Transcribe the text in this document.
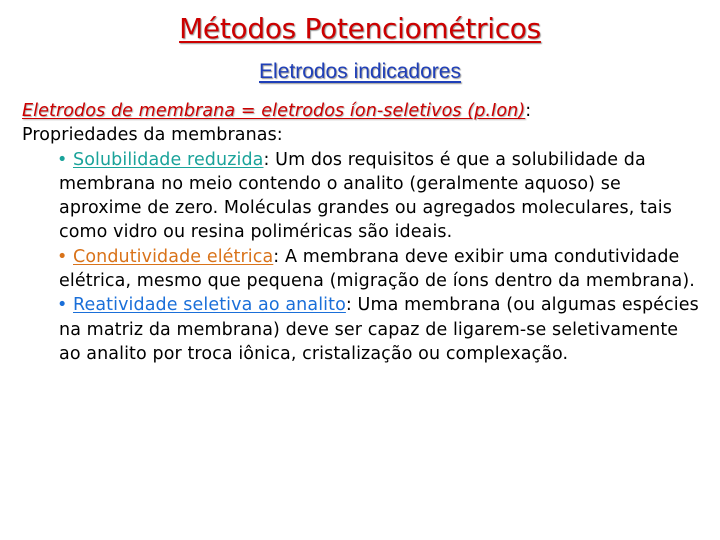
Métodos Potenciométricos
Eletrodos indicadores
Eletrodos de membrana = eletrodos íon-seletivos (p.Ion):
Propriedades da membranas:
• Solubilidade reduzida: Um dos requisitos é que a solubilidade da membrana no meio contendo o analito (geralmente aquoso) se aproxime de zero. Moléculas grandes ou agregados moleculares, tais como vidro ou resina poliméricas são ideais.
• Condutividade elétrica: A membrana deve exibir uma condutividade elétrica, mesmo que pequena (migração de íons dentro da membrana).
• Reatividade seletiva ao analito: Uma membrana (ou algumas espécies na matriz da membrana) deve ser capaz de ligarem-se seletivamente ao analito por troca iônica, cristalização ou complexação.
